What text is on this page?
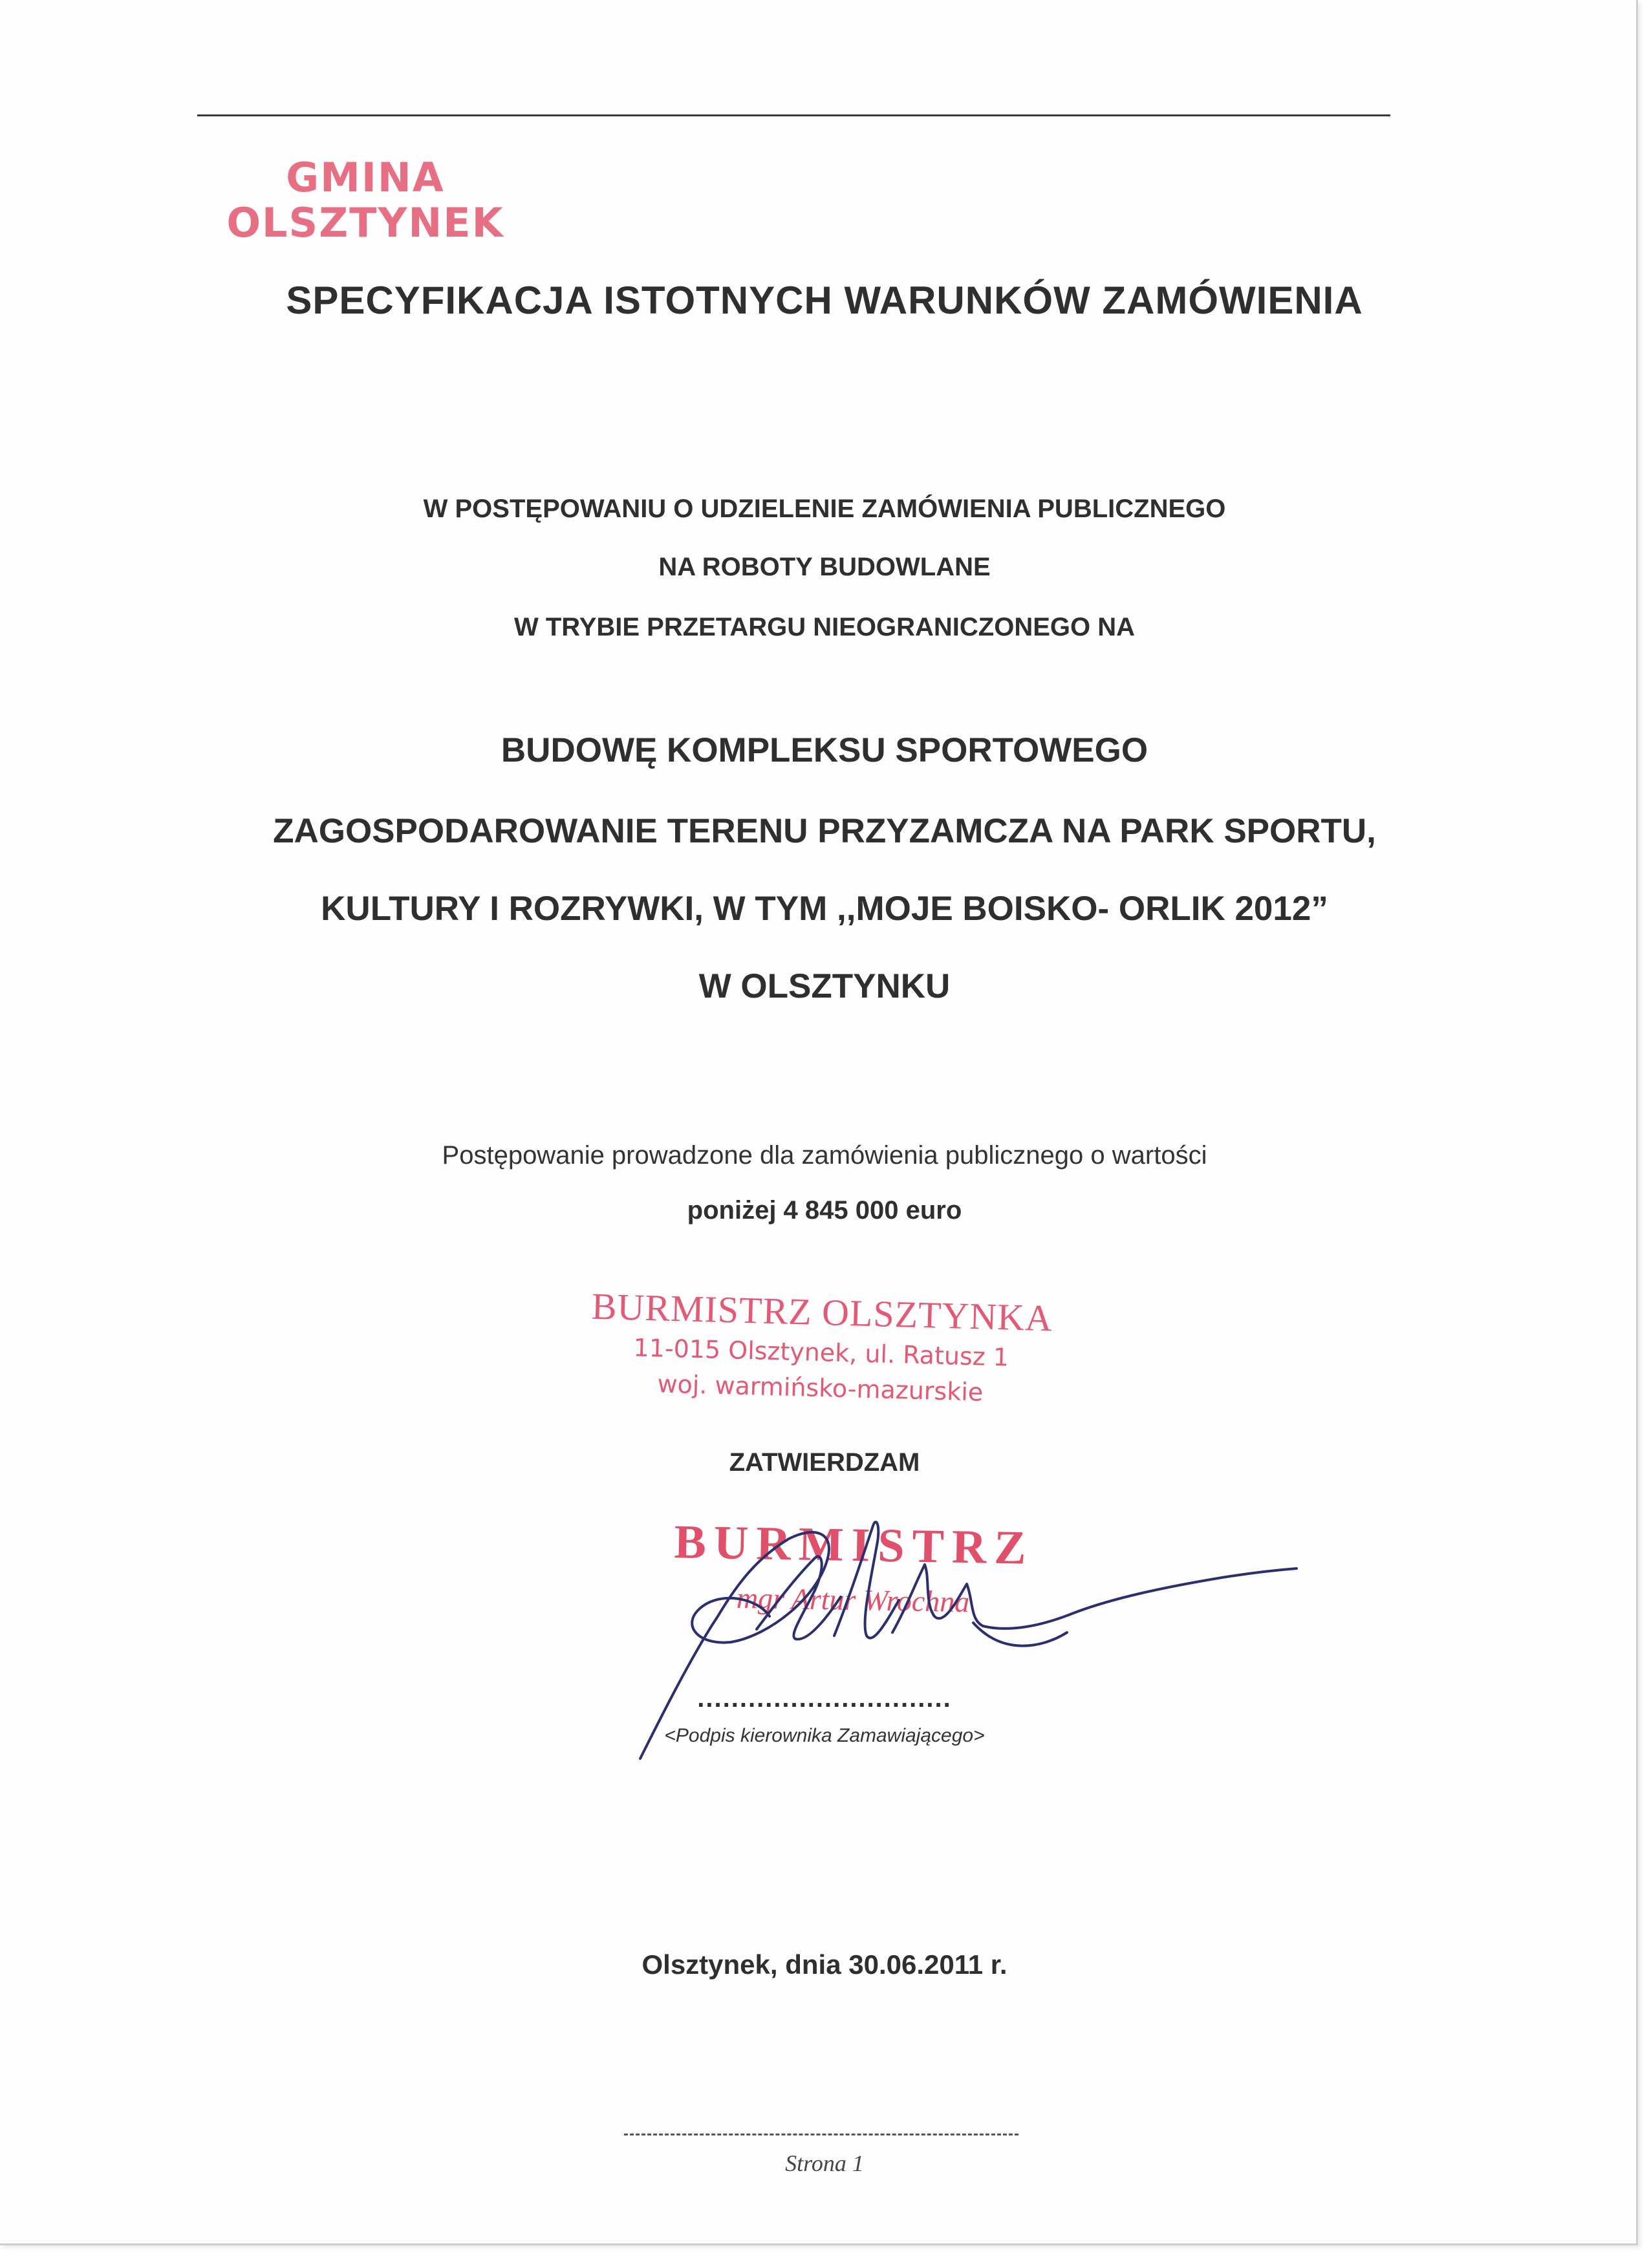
GMINA
OLSZTYNEK
SPECYFIKACJA ISTOTNYCH WARUNKÓW ZAMÓWIENIA
W POSTĘPOWANIU O UDZIELENIE ZAMÓWIENIA PUBLICZNEGO
NA ROBOTY BUDOWLANE
W TRYBIE PRZETARGU NIEOGRANICZONEGO NA
BUDOWĘ KOMPLEKSU SPORTOWEGO
ZAGOSPODAROWANIE TERENU PRZYZAMCZA NA PARK SPORTU,
KULTURY I ROZRYWKI, W TYM ,,MOJE BOISKO- ORLIK 2012”
W OLSZTYNKU
Postępowanie prowadzone dla zamówienia publicznego o wartości
poniżej 4 845 000 euro
BURMISTRZ OLSZTYNKA
11-015 Olsztynek, ul. Ratusz 1
woj. warmińsko-mazurskie
ZATWIERDZAM
BURMISTRZ
mgr Artur Wrochna
..............................
<Podpis kierownika Zamawiającego>
Olsztynek, dnia 30.06.2011 r.
Strona 1
